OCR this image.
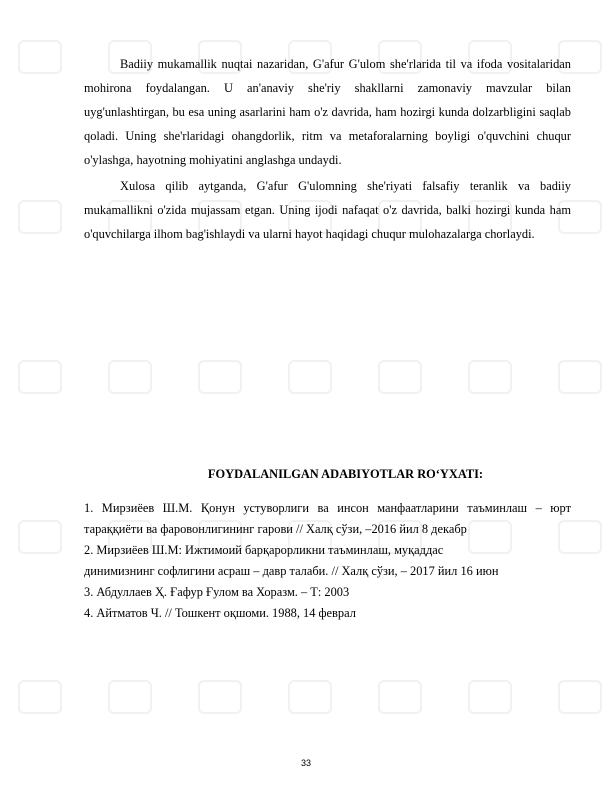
Badiiy mukamallik nuqtai nazaridan, G'afur G'ulom she'rlarida til va ifoda vositalaridan mohirona foydalangan. U an'anaviy she'riy shakllarni zamonaviy mavzular bilan uyg'unlashtirgan, bu esa uning asarlarini ham o'z davrida, ham hozirgi kunda dolzarbligini saqlab qoladi. Uning she'rlaridagi ohangdorlik, ritm va metaforalarning boyligi o'quvchini chuqur o'ylashga, hayotning mohiyatini anglashga undaydi.

Xulosa qilib aytganda, G'afur G'ulomning she'riyati falsafiy teranlik va badiiy mukamallikni o'zida mujassam etgan. Uning ijodi nafaqat o'z davrida, balki hozirgi kunda ham o'quvchilarga ilhom bag'ishlaydi va ularni hayot haqidagi chuqur mulohazalarga chorlaydi.

FOYDALANILGAN ADABIYOTLAR RO‘YXATI:

1. Мирзиёев Ш.М. Қонун устуворлиги ва инсон манфаатларини таъминлаш – юрт тараққиёти ва фаровонлигининг гарови // Халқ сўзи, –2016 йил 8 декабр

2. Мирзиёев Ш.М: Ижтимоий барқарорликни таъминлаш, муқаддас

динимизнинг софлигини асраш – давр талаби. // Халқ сўзи, – 2017 йил 16 июн

3. Абдуллаев Ҳ. Ғафур Ғулом ва Хоразм. – Т: 2003

4. Айтматов Ч. // Тошкент оқшоми. 1988, 14 феврал

33
